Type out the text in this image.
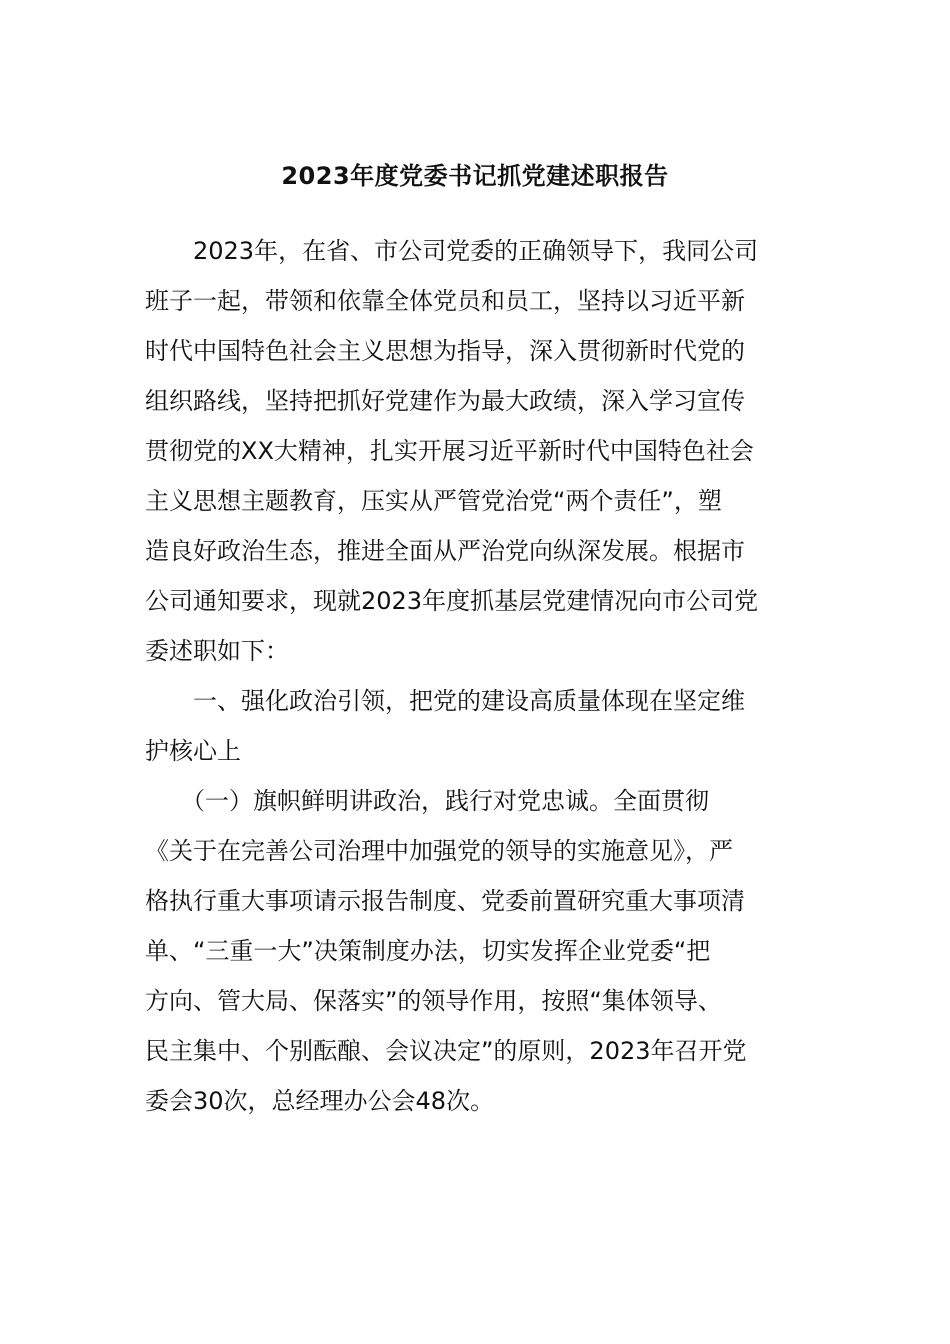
2023年度党委书记抓党建述职报告
　　2023年，在省、市公司党委的正确领导下，我同公司
班子一起，带领和依靠全体党员和员工，坚持以习近平新
时代中国特色社会主义思想为指导，深入贯彻新时代党的
组织路线，坚持把抓好党建作为最大政绩，深入学习宣传
贯彻党的XX大精神，扎实开展习近平新时代中国特色社会
主义思想主题教育，压实从严管党治党“两个责任”，塑
造良好政治生态，推进全面从严治党向纵深发展。根据市
公司通知要求，现就2023年度抓基层党建情况向市公司党
委述职如下：
　　一、强化政治引领，把党的建设高质量体现在坚定维
护核心上
　　（一）旗帜鲜明讲政治，践行对党忠诚。全面贯彻
《关于在完善公司治理中加强党的领导的实施意见》，严
格执行重大事项请示报告制度、党委前置研究重大事项清
单、“三重一大”决策制度办法，切实发挥企业党委“把
方向、管大局、保落实”的领导作用，按照“集体领导、
民主集中、个别酝酿、会议决定”的原则，2023年召开党
委会30次，总经理办公会48次。
